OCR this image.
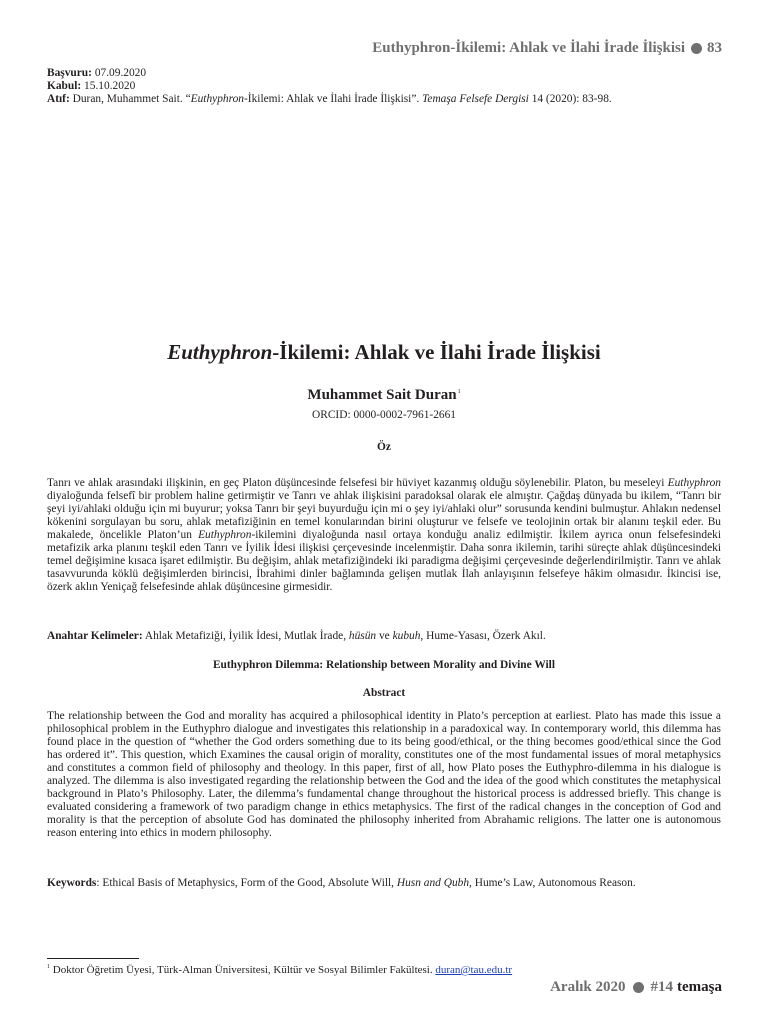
Euthyphron-İkilemi: Ahlak ve İlahi İrade İlişkisi 83
Başvuru: 07.09.2020
Kabul: 15.10.2020
Atıf: Duran, Muhammet Sait. “Euthyphron-İkilemi: Ahlak ve İlahi İrade İlişkisi”. Temaşa Felsefe Dergisi 14 (2020): 83-98.
Euthyphron-İkilemi: Ahlak ve İlahi İrade İlişkisi
Muhammet Sait Duran$^1$
ORCID: 0000-0002-7961-2661
Öz
Tanrı ve ahlak arasındaki ilişkinin, en geç Platon düşüncesinde felsefesi bir hüviyet kazanmış olduğu söylenebilir. Platon, bu meseleyi Euthyphron diyaloğunda felsefî bir problem haline getirmiştir ve Tanrı ve ahlak ilişkisini paradoksal olarak ele almıştır. Çağdaş dünyada bu ikilem, “Tanrı bir şeyi iyi/ahlaki olduğu için mi buyurur; yoksa Tanrı bir şeyi buyurduğu için mi o şey iyi/ahlaki olur” sorusunda kendini bulmuştur. Ahlakın nedensel kökenini sorgulayan bu soru, ahlak metafiziğinin en temel konularından birini oluşturur ve felsefe ve teolojinin ortak bir alanını teşkil eder. Bu makalede, öncelikle Platon’un Euthyphron-ikilemini diyaloğunda nasıl ortaya konduğu analiz edilmiştir. İkilem ayrıca onun felsefesindeki metafizik arka planını teşkil eden Tanrı ve İyilik İdesi ilişkisi çerçevesinde incelenmiştir. Daha sonra ikilemin, tarihi süreçte ahlak düşüncesindeki temel değişimine kısaca işaret edilmiştir. Bu değişim, ahlak metafiziğindeki iki paradigma değişimi çerçevesinde değerlendirilmiştir. Tanrı ve ahlak tasavvurunda köklü değişimlerden birincisi, İbrahimi dinler bağlamında gelişen mutlak İlah anlayışının felsefeye hâkim olmasıdır. İkincisi ise, özerk aklın Yeniçağ felsefesinde ahlak düşüncesine girmesidir.
Anahtar Kelimeler: Ahlak Metafiziği, İyilik İdesi, Mutlak İrade, hüsün ve kubuh, Hume-Yasası, Özerk Akıl.
Euthyphron Dilemma: Relationship between Morality and Divine Will
Abstract
The relationship between the God and morality has acquired a philosophical identity in Plato’s perception at earliest. Plato has made this issue a philosophical problem in the Euthyphro dialogue and investigates this relationship in a paradoxical way. In contemporary world, this dilemma has found place in the question of “whether the God orders something due to its being good/ethical, or the thing becomes good/ethical since the God has ordered it”. This question, which Examines the causal origin of morality, constitutes one of the most fundamental issues of moral metaphysics and constitutes a common field of philosophy and theology. In this paper, first of all, how Plato poses the Euthyphro-dilemma in his dialogue is analyzed. The dilemma is also investigated regarding the relationship between the God and the idea of the good which constitutes the metaphysical background in Plato’s Philosophy. Later, the dilemma’s fundamental change throughout the historical process is addressed briefly. This change is evaluated considering a framework of two paradigm change in ethics metaphysics. The first of the radical changes in the conception of God and morality is that the perception of absolute God has dominated the philosophy inherited from Abrahamic religions. The latter one is autonomous reason entering into ethics in modern philosophy.
Keywords: Ethical Basis of Metaphysics, Form of the Good, Absolute Will, Husn and Qubh, Hume’s Law, Autonomous Reason.
$^1$ Doktor Öğretim Üyesi, Türk-Alman Üniversitesi, Kültür ve Sosyal Bilimler Fakültesi. duran@tau.edu.tr
Aralık 2020 #14 temaşa
